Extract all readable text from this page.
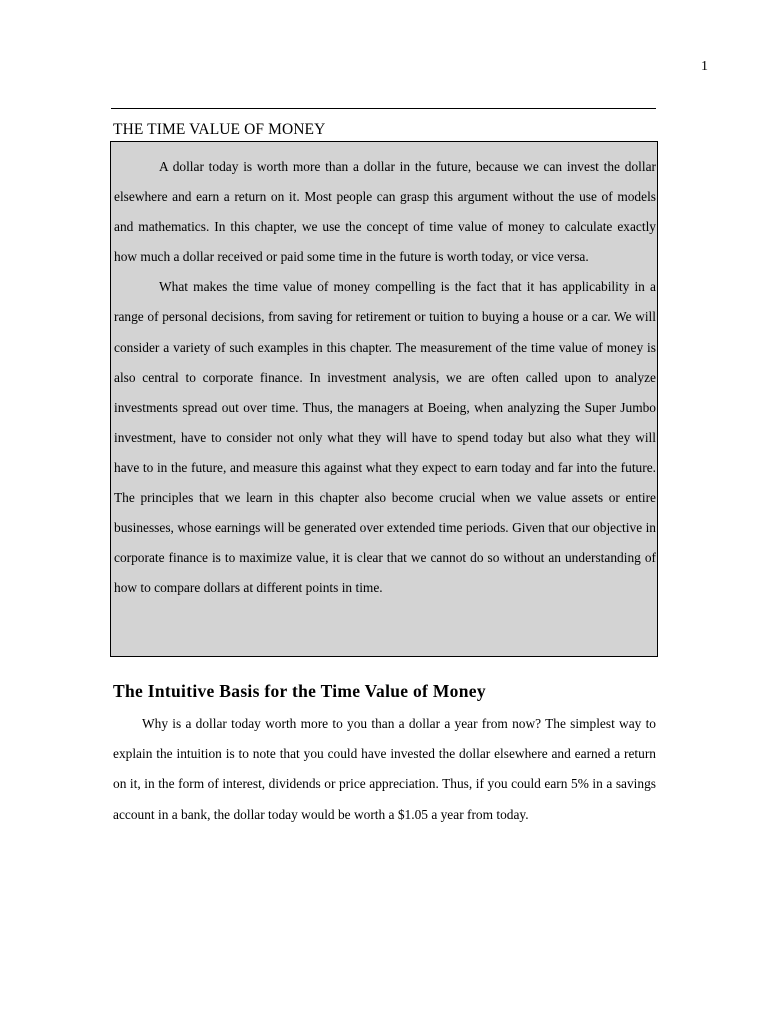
1
THE TIME VALUE OF MONEY

A dollar today is worth more than a dollar in the future, because we can invest the dollar elsewhere and earn a return on it. Most people can grasp this argument without the use of models and mathematics. In this chapter, we use the concept of time value of money to calculate exactly how much a dollar received or paid some time in the future is worth today, or vice versa.

What makes the time value of money compelling is the fact that it has applicability in a range of personal decisions, from saving for retirement or tuition to buying a house or a car. We will consider a variety of such examples in this chapter. The measurement of the time value of money is also central to corporate finance. In investment analysis, we are often called upon to analyze investments spread out over time. Thus, the managers at Boeing, when analyzing the Super Jumbo investment, have to consider not only what they will have to spend today but also what they will have to in the future, and measure this against what they expect to earn today and far into the future. The principles that we learn in this chapter also become crucial when we value assets or entire businesses, whose earnings will be generated over extended time periods. Given that our objective in corporate finance is to maximize value, it is clear that we cannot do so without an understanding of how to compare dollars at different points in time.

The Intuitive Basis for the Time Value of Money

Why is a dollar today worth more to you than a dollar a year from now? The simplest way to explain the intuition is to note that you could have invested the dollar elsewhere and earned a return on it, in the form of interest, dividends or price appreciation. Thus, if you could earn 5% in a savings account in a bank, the dollar today would be worth a $1.05 a year from today.
